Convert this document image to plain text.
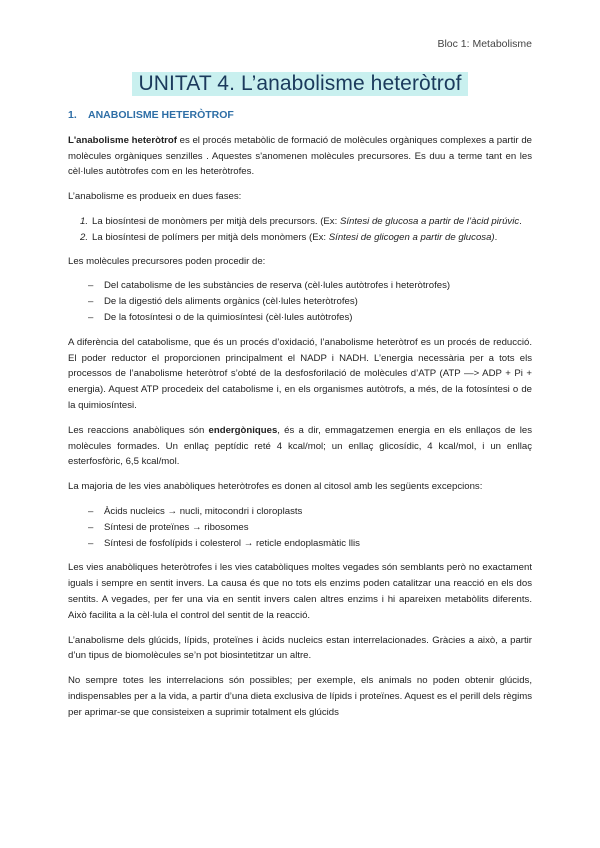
Bloc 1: Metabolisme
UNITAT 4. L’anabolisme heteròtrof
1. ANABOLISME HETERÒTROF

L'anabolisme heteròtrof es el procés metabòlic de formació de molècules orgàniques complexes a partir de molècules orgàniques senzilles . Aquestes s'anomenen molècules precursores. Es duu a terme tant en les cèl·lules autòtrofes com en les heteròtrofes.

L’anabolisme es produeix en dues fases:

1. La biosíntesi de monòmers per mitjà dels precursors. (Ex: Síntesi de glucosa a partir de l’àcid pirúvic.
2. La biosíntesi de polímers per mitjà dels monòmers (Ex: Síntesi de glicogen a partir de glucosa).

Les molècules precursores poden procedir de:

– Del catabolisme de les substàncies de reserva (cèl·lules autòtrofes i heteròtrofes)
– De la digestió dels aliments orgànics (cèl·lules heteròtrofes)
– De la fotosíntesi o de la quimiosíntesi (cèl·lules autòtrofes)

A diferència del catabolisme, que és un procés d’oxidació, l’anabolisme heteròtrof es un procés de reducció. El poder reductor el proporcionen principalment el NADP i NADH. L’energia necessària per a tots els processos de l’anabolisme heteròtrof s’obté de la desfosforilació de molècules d’ATP (ATP —> ADP + Pi + energia). Aquest ATP procedeix del catabolisme i, en els organismes autòtrofs, a més, de la fotosíntesi o de la quimiosíntesi.

Les reaccions anabòliques són endergòniques, és a dir, emmagatzemen energia en els enllaços de les molècules formades. Un enllaç peptídic reté 4 kcal/mol; un enllaç glicosídic, 4 kcal/mol, i un enllaç esterfosfòric, 6,5 kcal/mol.

La majoria de les vies anabòliques heteròtrofes es donen al citosol amb les següents excepcions:

– Àcids nucleics → nucli, mitocondri i cloroplasts
– Síntesi de proteïnes → ribosomes
– Síntesi de fosfolípids i colesterol → reticle endoplasmàtic llis

Les vies anabòliques heteròtrofes i les vies catabòliques moltes vegades són semblants però no exactament iguals i sempre en sentit invers. La causa és que no tots els enzims poden catalitzar una reacció en els dos sentits. A vegades, per fer una via en sentit invers calen altres enzims i hi apareixen metabòlits diferents. Això facilita a la cèl·lula el control del sentit de la reacció.

L’anabolisme dels glúcids, lípids, proteïnes i àcids nucleics estan interrelacionades. Gràcies a això, a partir d’un tipus de biomolècules se’n pot biosintetitzar un altre.

No sempre totes les interrelacions són possibles; per exemple, els animals no poden obtenir glúcids, indispensables per a la vida, a partir d’una dieta exclusiva de lípids i proteïnes. Aquest es el perill dels règims per aprimar-se que consisteixen a suprimir totalment els glúcids
